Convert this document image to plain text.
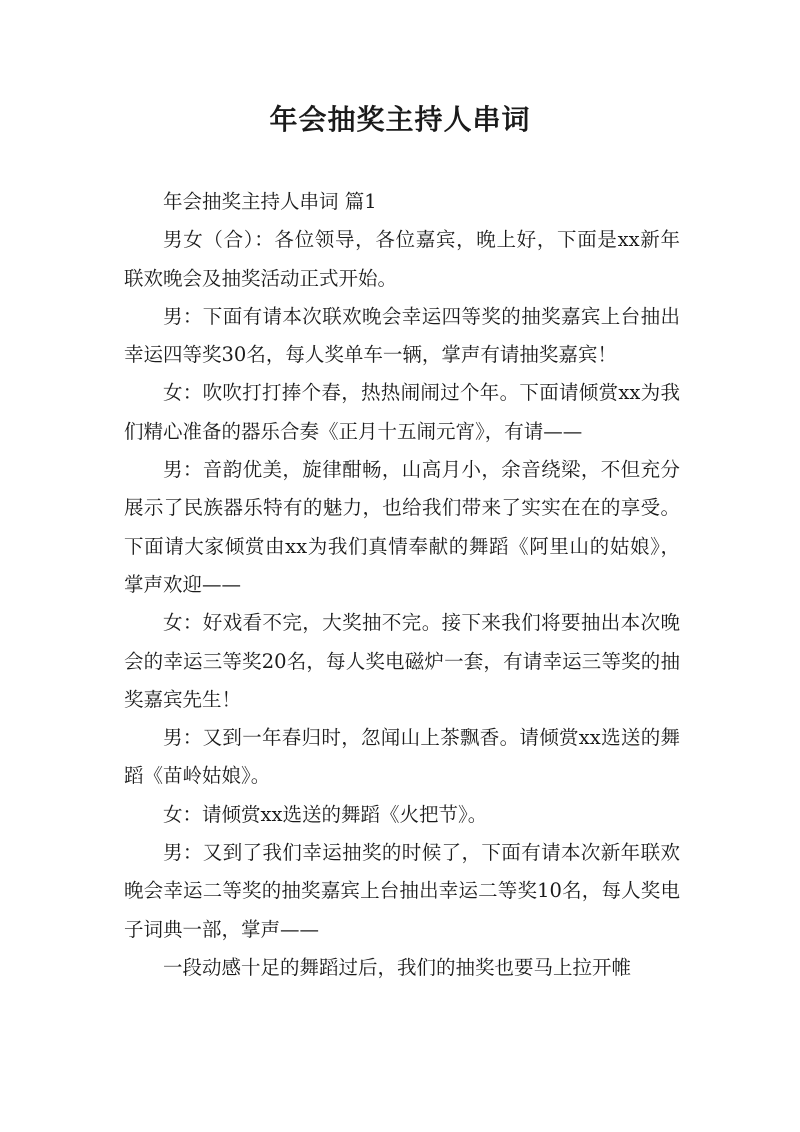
年会抽奖主持人串词

年会抽奖主持人串词 篇1

男女（合）：各位领导，各位嘉宾，晚上好，下面是xx新年联欢晚会及抽奖活动正式开始。

男：下面有请本次联欢晚会幸运四等奖的抽奖嘉宾上台抽出幸运四等奖30名，每人奖单车一辆，掌声有请抽奖嘉宾！

女：吹吹打打捧个春，热热闹闹过个年。下面请倾赏xx为我们精心准备的器乐合奏《正月十五闹元宵》，有请——

男：音韵优美，旋律酣畅，山高月小，余音绕梁，不但充分展示了民族器乐特有的魅力，也给我们带来了实实在在的享受。下面请大家倾赏由xx为我们真情奉献的舞蹈《阿里山的姑娘》，掌声欢迎——

女：好戏看不完，大奖抽不完。接下来我们将要抽出本次晚会的幸运三等奖20名，每人奖电磁炉一套，有请幸运三等奖的抽奖嘉宾先生！

男：又到一年春归时，忽闻山上茶飘香。请倾赏xx选送的舞蹈《苗岭姑娘》。

女：请倾赏xx选送的舞蹈《火把节》。

男：又到了我们幸运抽奖的时候了，下面有请本次新年联欢晚会幸运二等奖的抽奖嘉宾上台抽出幸运二等奖10名，每人奖电子词典一部，掌声——

一段动感十足的舞蹈过后，我们的抽奖也要马上拉开帷
